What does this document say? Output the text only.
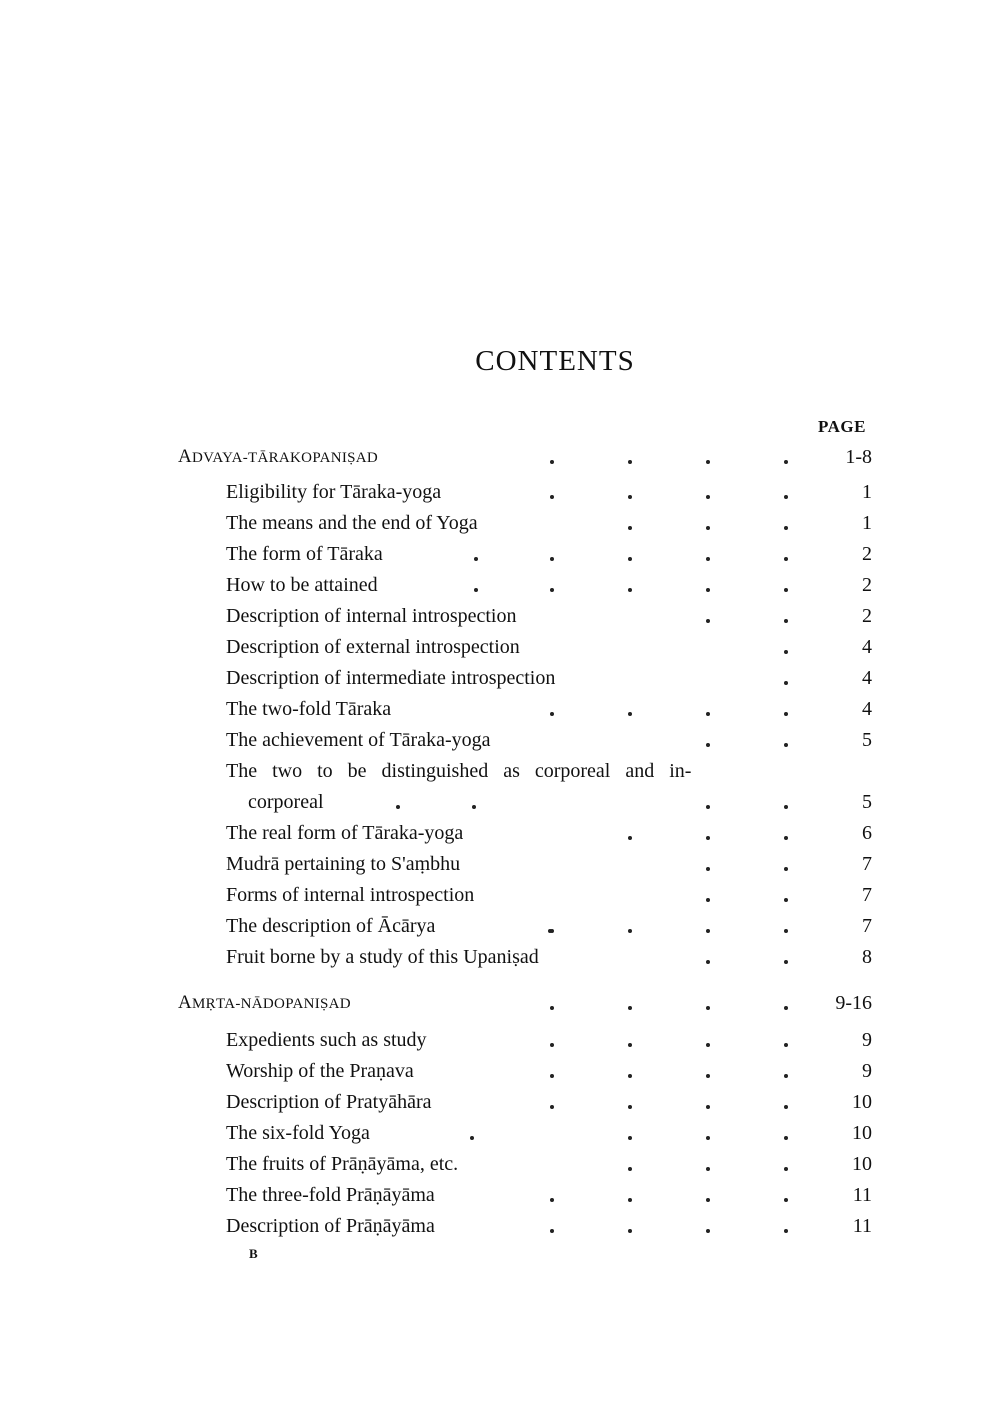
CONTENTS
PAGE
ADVAYA-TĀRAKOPANIṢAD	1-8
Eligibility for Tāraka-yoga	1
The means and the end of Yoga	1
The form of Tāraka	2
How to be attained	2
Description of internal introspection	2
Description of external introspection	4
Description of intermediate introspection	4
The two-fold Tāraka	4
The achievement of Tāraka-yoga	5
The   two   to   be   distinguished   as   corporeal   and   in-
corporeal	5
The real form of Tāraka-yoga	6
Mudrā pertaining to S'aṃbhu	7
Forms of internal introspection	7
The description of Ācārya	7
Fruit borne by a study of this Upaniṣad	8
AMṚTA-NĀDOPANIṢAD	9-16
Expedients such as study	9
Worship of the Praṇava	9
Description of Pratyāhāra	10
The six-fold Yoga	10
The fruits of Prāṇāyāma, etc.	10
The three-fold Prāṇāyāma	11
Description of Prāṇāyāma	11
B
